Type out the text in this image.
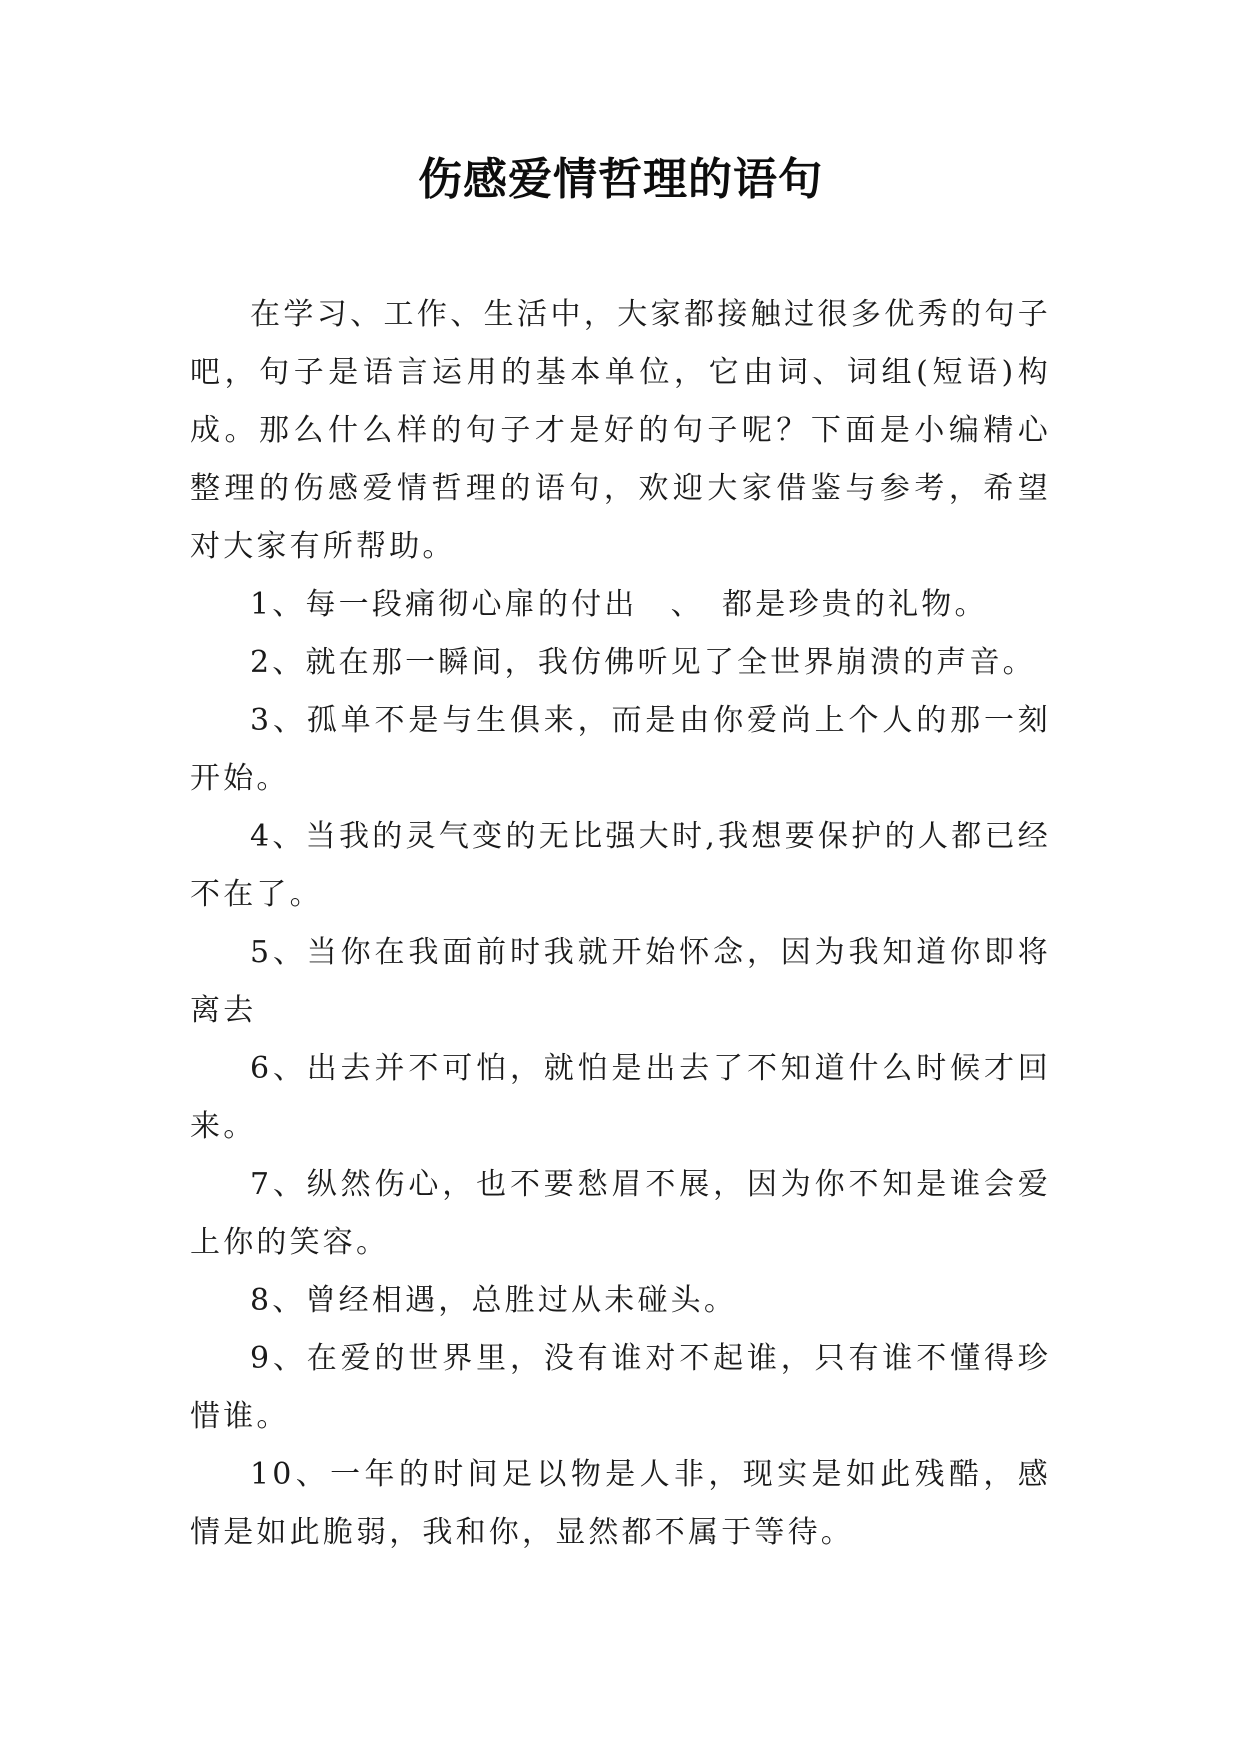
伤感爱情哲理的语句

在学习、工作、生活中，大家都接触过很多优秀的句子吧，句子是语言运用的基本单位，它由词、词组(短语)构成。那么什么样的句子才是好的句子呢？下面是小编精心整理的伤感爱情哲理的语句，欢迎大家借鉴与参考，希望对大家有所帮助。

1、每一段痛彻心扉的付出　、　都是珍贵的礼物。

2、就在那一瞬间，我仿佛听见了全世界崩溃的声音。

3、孤单不是与生俱来，而是由你爱尚上个人的那一刻开始。

4、当我的灵气变的无比强大时,我想要保护的人都已经不在了。

5、当你在我面前时我就开始怀念，因为我知道你即将离去

6、出去并不可怕，就怕是出去了不知道什么时候才回来。

7、纵然伤心，也不要愁眉不展，因为你不知是谁会爱上你的笑容。

8、曾经相遇，总胜过从未碰头。

9、在爱的世界里，没有谁对不起谁，只有谁不懂得珍惜谁。

10、一年的时间足以物是人非，现实是如此残酷，感情是如此脆弱，我和你，显然都不属于等待。
